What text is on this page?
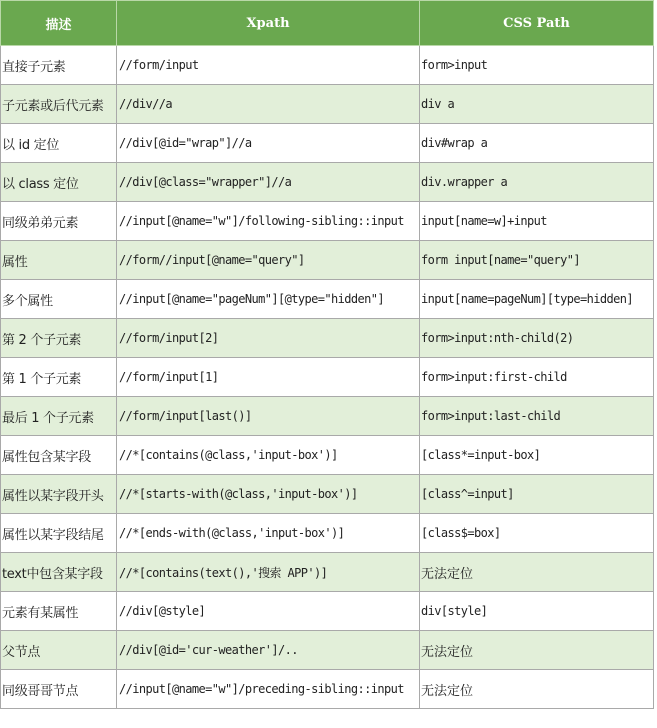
描述	Xpath	CSS Path
直接子元素	//form/input	form>input
子元素或后代元素	//div//a	div a
以 id 定位	//div[@id="wrap"]//a	div#wrap a
以 class 定位	//div[@class="wrapper"]//a	div.wrapper a
同级弟弟元素	//input[@name="w"]/following-sibling::input	input[name=w]+input
属性	//form//input[@name="query"]	form input[name="query"]
多个属性	//input[@name="pageNum"][@type="hidden"]	input[name=pageNum][type=hidden]
第 2 个子元素	//form/input[2]	form>input:nth-child(2)
第 1 个子元素	//form/input[1]	form>input:first-child
最后 1 个子元素	//form/input[last()]	form>input:last-child
属性包含某字段	//*[contains(@class,'input-box')]	[class*=input-box]
属性以某字段开头	//*[starts-with(@class,'input-box')]	[class^=input]
属性以某字段结尾	//*[ends-with(@class,'input-box')]	[class$=box]
text中包含某字段	//*[contains(text(),'搜索 APP')]	无法定位
元素有某属性	//div[@style]	div[style]
父节点	//div[@id='cur-weather']/..	无法定位
同级哥哥节点	//input[@name="w"]/preceding-sibling::input	无法定位
